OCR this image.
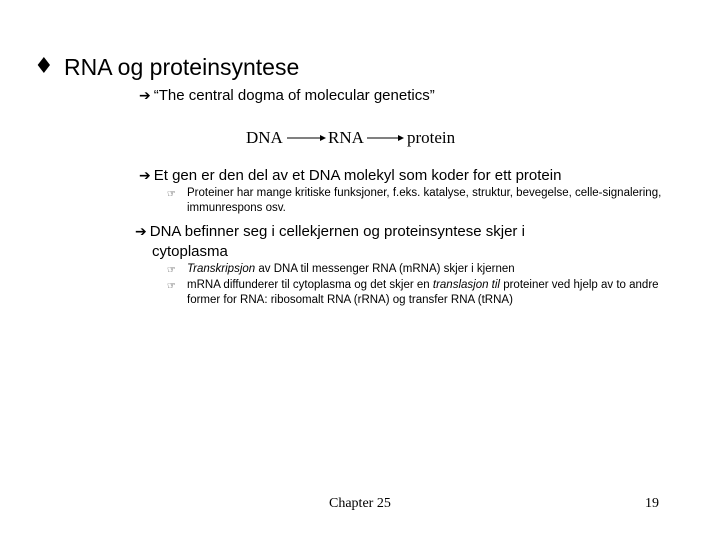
♦ RNA og proteinsyntese
➔ “The central dogma of molecular genetics”
DNA	RNA	protein
➔ Et gen er den del av et DNA molekyl som koder for ett protein
☞ Proteiner har mange kritiske funksjoner, f.eks. katalyse, struktur, bevegelse, celle-signalering, immunrespons osv.
➔ DNA befinner seg i cellekjernen og proteinsyntese skjer i
cytoplasma
☞ Transkripsjon av DNA til messenger RNA (mRNA) skjer i kjernen
☞ mRNA diffunderer til cytoplasma og det skjer en translasjon til proteiner ved hjelp av to andre former for RNA: ribosomalt RNA (rRNA) og transfer RNA (tRNA)
Chapter 25	19
